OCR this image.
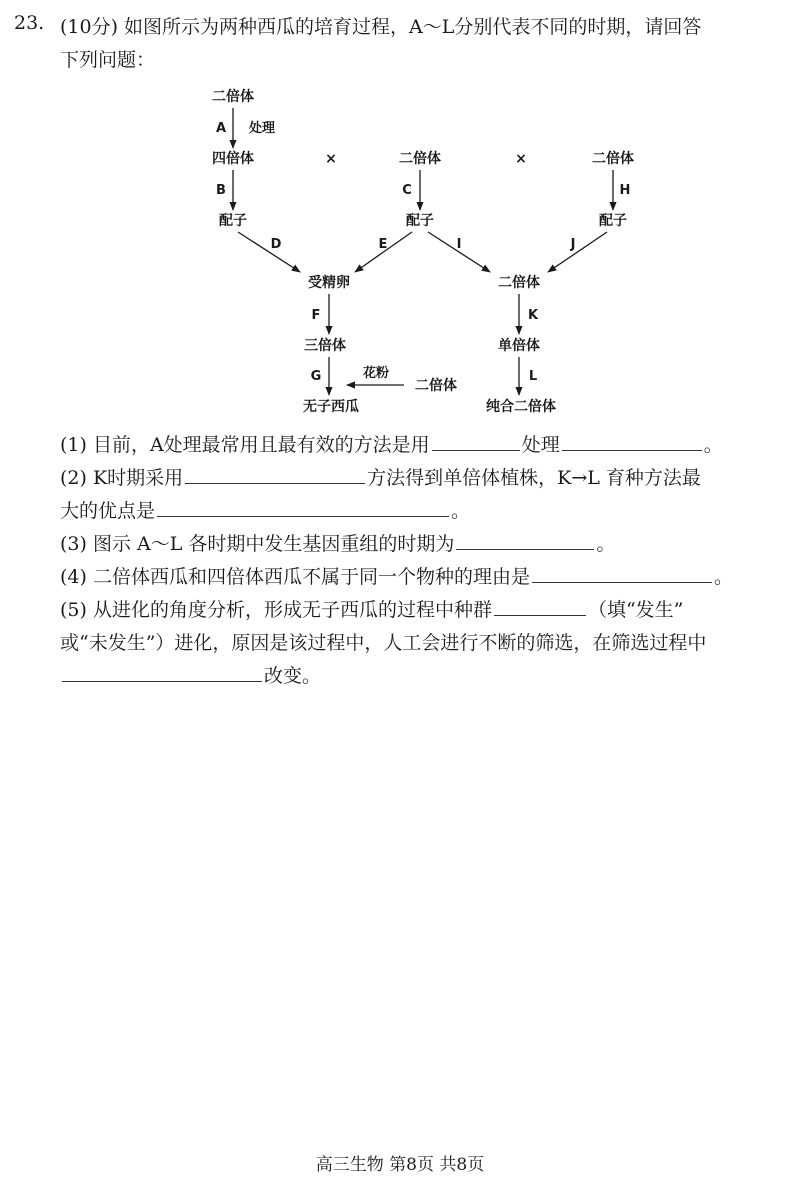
23. (10分) 如图所示为两种西瓜的培育过程，A～L分别代表不同的时期，请回答
下列问题：
二倍体
四倍体	二倍体	二倍体
配子	配子	配子
受精卵	二倍体
三倍体	单倍体
二倍体
无子西瓜	纯合二倍体
×	×
A 处理
B	C	H
D	E	I	J
F	K
G	L
花粉
(1) 目前，A处理最常用且最有效的方法是用	处理	。
(2) K时期采用	方法得到单倍体植株，K→L 育种方法最
大的优点是	。
(3) 图示 A～L 各时期中发生基因重组的时期为	。
(4) 二倍体西瓜和四倍体西瓜不属于同一个物种的理由是	。
(5) 从进化的角度分析，形成无子西瓜的过程中种群	（填“发生”
或“未发生”）进化，原因是该过程中，人工会进行不断的筛选，在筛选过程中
改变。
高三生物 第8页 共8页
